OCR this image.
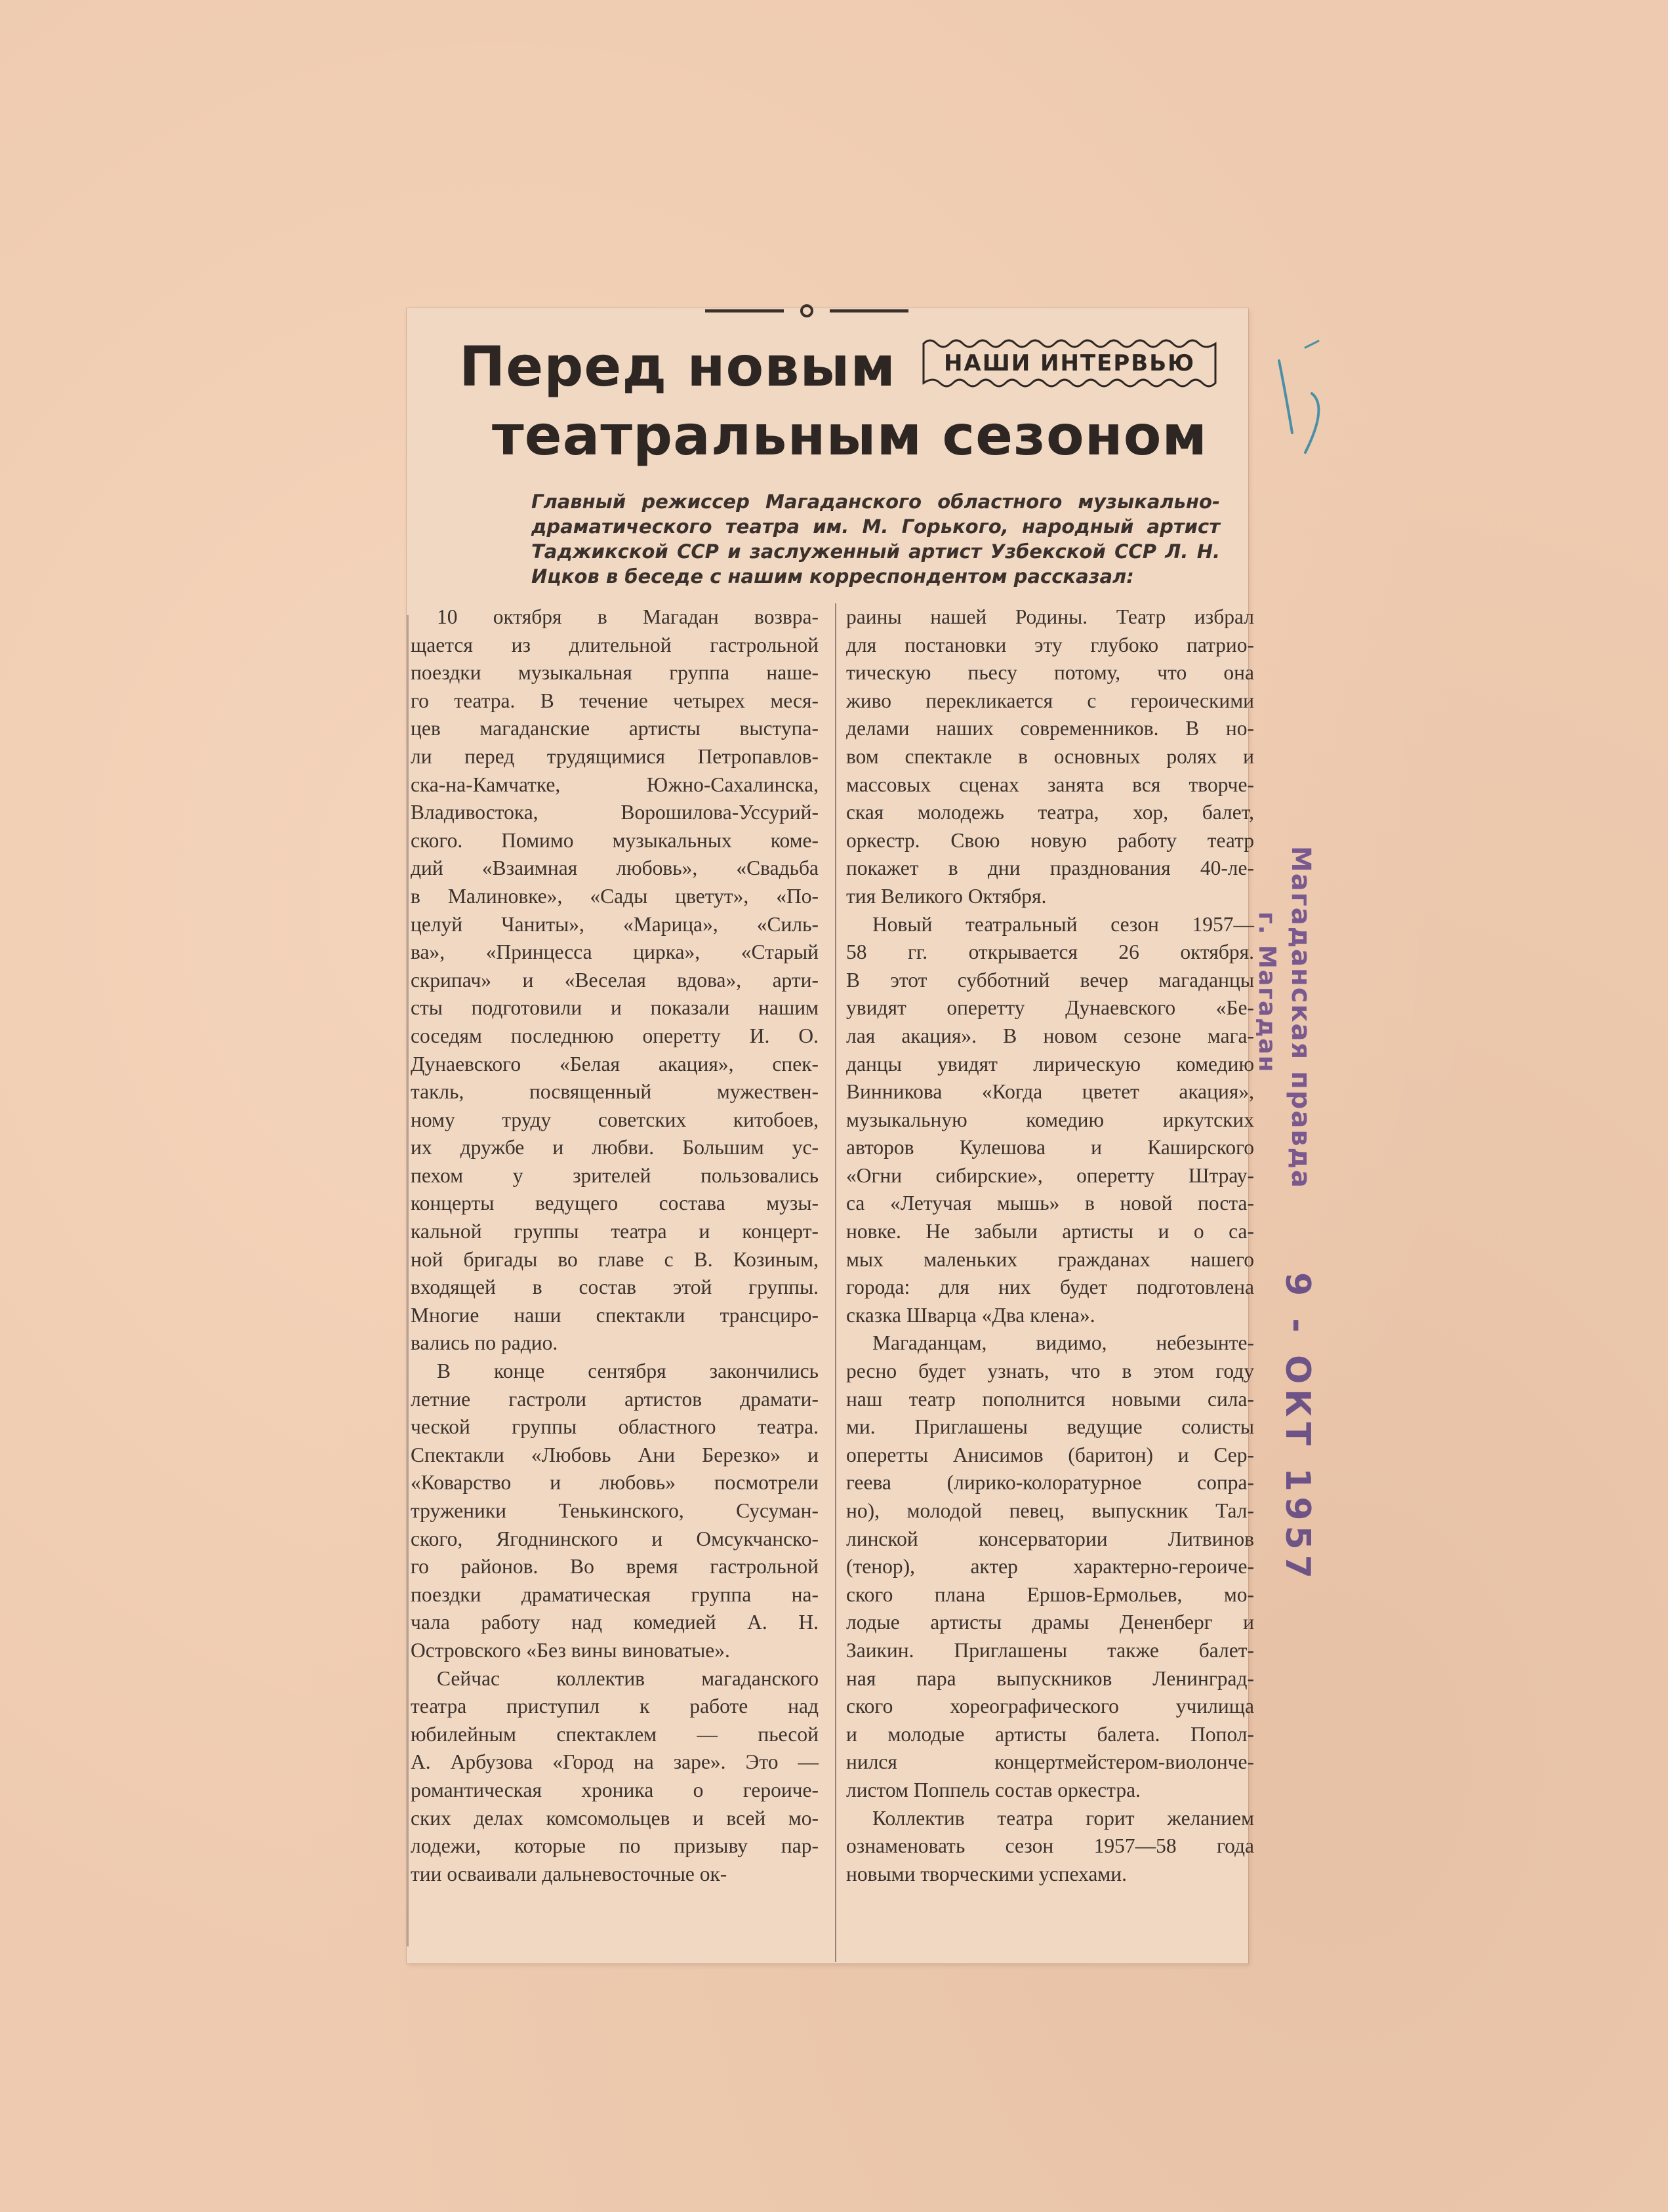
Перед новым
театральным сезоном
НАШИ ИНТЕРВЬЮ
Главный режиссер Магаданского областного музыкально-драматического театра им. М. Горького, народный артист Таджикской ССР и заслуженный артист Узбекской ССР Л. Н. Ицков в беседе с нашим корреспондентом рассказал:
10 октября в Магадан возвра-
щается из длительной гастрольной
поездки музыкальная группа наше-
го театра. В течение четырех меся-
цев магаданские артисты выступа-
ли перед трудящимися Петропавлов-
ска-на-Камчатке, Южно-Сахалинска,
Владивостока, Ворошилова-Уссурий-
ского. Помимо музыкальных коме-
дий «Взаимная любовь», «Свадьба
в Малиновке», «Сады цветут», «По-
целуй Чаниты», «Марица», «Силь-
ва», «Принцесса цирка», «Старый
скрипач» и «Веселая вдова», арти-
сты подготовили и показали нашим
соседям последнюю оперетту И. О.
Дунаевского «Белая акация», спек-
такль, посвященный мужествен-
ному труду советских китобоев,
их дружбе и любви. Большим ус-
пехом у зрителей пользовались
концерты ведущего состава музы-
кальной группы театра и концерт-
ной бригады во главе с В. Козиным,
входящей в состав этой группы.
Многие наши спектакли трансциро-
вались по радио.
В конце сентября закончились
летние гастроли артистов драмати-
ческой группы областного театра.
Спектакли «Любовь Ани Березко» и
«Коварство и любовь» посмотрели
труженики Тенькинского, Сусуман-
ского, Ягоднинского и Омсукчанско-
го районов. Во время гастрольной
поездки драматическая группа на-
чала работу над комедией А. Н.
Островского «Без вины виноватые».
Сейчас коллектив магаданского
театра приступил к работе над
юбилейным спектаклем — пьесой
А. Арбузова «Город на заре». Это —
романтическая хроника о героиче-
ских делах комсомольцев и всей мо-
лодежи, которые по призыву пар-
тии осваивали дальневосточные ок-
раины нашей Родины. Театр избрал
для постановки эту глубоко патрио-
тическую пьесу потому, что она
живо перекликается с героическими
делами наших современников. В но-
вом спектакле в основных ролях и
массовых сценах занята вся творче-
ская молодежь театра, хор, балет,
оркестр. Свою новую работу театр
покажет в дни празднования 40-ле-
тия Великого Октября.
Новый театральный сезон 1957—
58 гг. открывается 26 октября.
В этот субботний вечер магаданцы
увидят оперетту Дунаевского «Бе-
лая акация». В новом сезоне мага-
данцы увидят лирическую комедию
Винникова «Когда цветет акация»,
музыкальную комедию иркутских
авторов Кулешова и Каширского
«Огни сибирские», оперетту Штрау-
са «Летучая мышь» в новой поста-
новке. Не забыли артисты и о са-
мых маленьких гражданах нашего
города: для них будет подготовлена
сказка Шварца «Два клена».
Магаданцам, видимо, небезынте-
ресно будет узнать, что в этом году
наш театр пополнится новыми сила-
ми. Приглашены ведущие солисты
оперетты Анисимов (баритон) и Сер-
геева (лирико-колоратурное сопра-
но), молодой певец, выпускник Тал-
линской консерватории Литвинов
(тенор), актер характерно-героиче-
ского плана Ершов-Ермольев, мо-
лодые артисты драмы Дененберг и
Заикин. Приглашены также балет-
ная пара выпускников Ленинград-
ского хореографического училища
и молодые артисты балета. Попол-
нился концертмейстером-виолонче-
листом Поппель состав оркестра.
Коллектив театра горит желанием
ознаменовать сезон 1957—58 года
новыми творческими успехами.
Магаданская правда
г. Магадан
9 - ОКТ 1957
